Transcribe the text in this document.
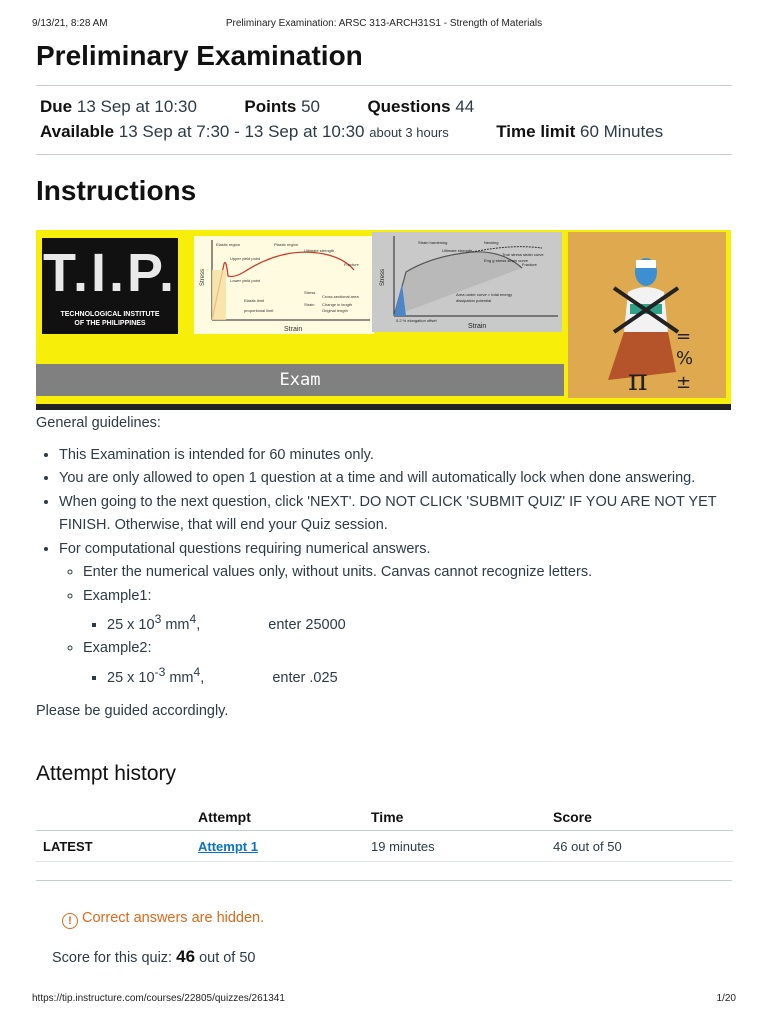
9/13/21, 8:28 AM	Preliminary Examination: ARSC 313-ARCH31S1 - Strength of Materials
Preliminary Examination
Due 13 Sep at 10:30	Points 50	Questions 44
Available 13 Sep at 7:30 - 13 Sep at 10:30 about 3 hours	Time limit 60 Minutes
Instructions
T.I.P.
TECHNOLOGICAL INSTITUTE
OF THE PHILIPPINES
Stress
Strain
Elastic region	Plastic region
Upper yield point
Ultimate strength
Fracture
Lower yield point
Elastic limit
proportional limit
Stress
Strain
Cross-sectional area
Change in length
Original length
Stress
Strain
Strain hardening	Necking
Ultimate strength
True stress strain curve
Eng g stress strain curve
Fracture
Area under curve = total energy
dissipation potential
0.2 % elongation offset
Exam	π
=
%
±

General guidelines:

• This Examination is intended for 60 minutes only.
• You are only allowed to open 1 question at a time and will automatically lock when done answering.
• When going to the next question, click 'NEXT'. DO NOT CLICK 'SUBMIT QUIZ' IF YOU ARE NOT YET FINISH. Otherwise, that will end your Quiz session.
• For computational questions requiring numerical answers.
◦ Enter the numerical values only, without units. Canvas cannot recognize letters.
◦ Example1:
▪ 25 x $10^3$ $mm^4$,	enter 25000
◦ Example2:
▪ 25 x $10^{-3}$ $mm^4$,	enter .025

Please be guided accordingly.

Attempt history
	Attempt	Time	Score
LATEST	Attempt 1	19 minutes	46 out of 50
! Correct answers are hidden.
Score for this quiz: 46 out of 50
https://tip.instructure.com/courses/22805/quizzes/261341	1/20
